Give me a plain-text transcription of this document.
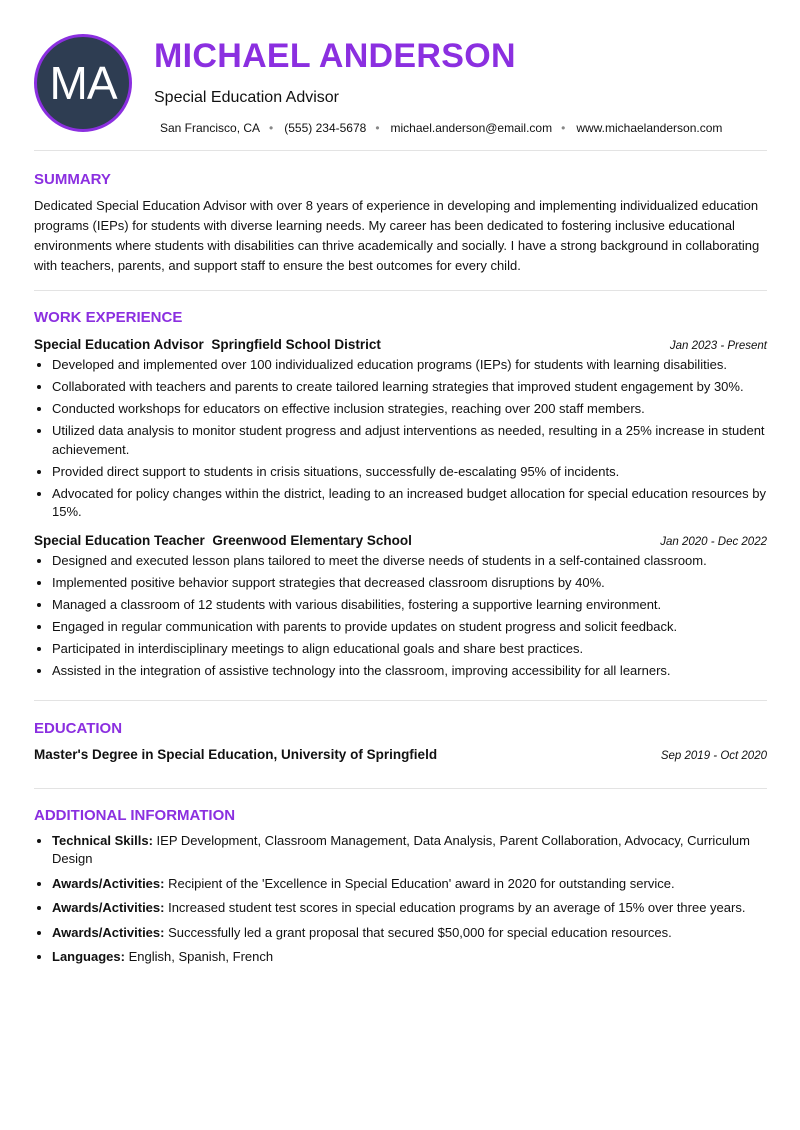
MA
MICHAEL ANDERSON
Special Education Advisor
San Francisco, CA • (555) 234-5678 • michael.anderson@email.com • www.michaelanderson.com
SUMMARY

Dedicated Special Education Advisor with over 8 years of experience in developing and implementing individualized education programs (IEPs) for students with diverse learning needs. My career has been dedicated to fostering inclusive educational environments where students with disabilities can thrive academically and socially. I have a strong background in collaborating with teachers, parents, and support staff to ensure the best outcomes for every child.

WORK EXPERIENCE
Special Education Advisor Springfield School District	Jan 2023 - Present
• Developed and implemented over 100 individualized education programs (IEPs) for students with learning disabilities.
• Collaborated with teachers and parents to create tailored learning strategies that improved student engagement by 30%.
• Conducted workshops for educators on effective inclusion strategies, reaching over 200 staff members.
• Utilized data analysis to monitor student progress and adjust interventions as needed, resulting in a 25% increase in student achievement.
• Provided direct support to students in crisis situations, successfully de-escalating 95% of incidents.
• Advocated for policy changes within the district, leading to an increased budget allocation for special education resources by 15%.
Special Education Teacher Greenwood Elementary School	Jan 2020 - Dec 2022
• Designed and executed lesson plans tailored to meet the diverse needs of students in a self-contained classroom.
• Implemented positive behavior support strategies that decreased classroom disruptions by 40%.
• Managed a classroom of 12 students with various disabilities, fostering a supportive learning environment.
• Engaged in regular communication with parents to provide updates on student progress and solicit feedback.
• Participated in interdisciplinary meetings to align educational goals and share best practices.
• Assisted in the integration of assistive technology into the classroom, improving accessibility for all learners.
EDUCATION
Master's Degree in Special Education, University of Springfield	Sep 2019 - Oct 2020
ADDITIONAL INFORMATION
• Technical Skills: IEP Development, Classroom Management, Data Analysis, Parent Collaboration, Advocacy, Curriculum Design
• Awards/Activities: Recipient of the 'Excellence in Special Education' award in 2020 for outstanding service.
• Awards/Activities: Increased student test scores in special education programs by an average of 15% over three years.
• Awards/Activities: Successfully led a grant proposal that secured $50,000 for special education resources.
• Languages: English, Spanish, French
